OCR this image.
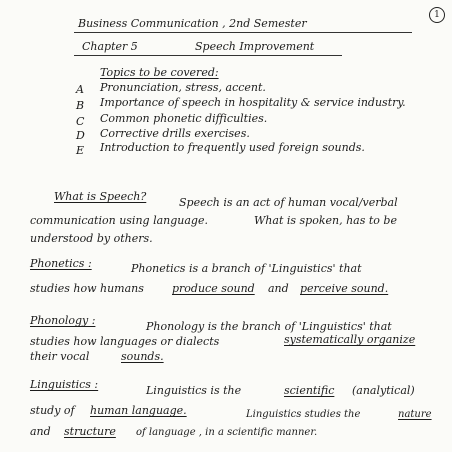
1
Business Communication , 2nd Semester
Chapter 5	Speech Improvement
Topics to be covered:
A Pronunciation, stress, accent.
B Importance of speech in hospitality & service industry.
C Common phonetic difficulties.
D Corrective drills exercises.
E Introduction to frequently used foreign sounds.
What is Speech?	Speech is an act of human vocal/verbal
communication using language.	What is spoken, has to be
understood by others.
Phonetics :	Phonetics is a branch of 'Linguistics' that
studies how humans	produce sound and perceive sound.
Phonology :	Phonology is the branch of 'Linguistics' that
studies how languages or dialects	systematically organize
their vocal	sounds.
Linguistics :	Linguistics is the	scientific (analytical)
study of human language.	Linguistics studies the	nature
and structure of language , in a scientific manner.
